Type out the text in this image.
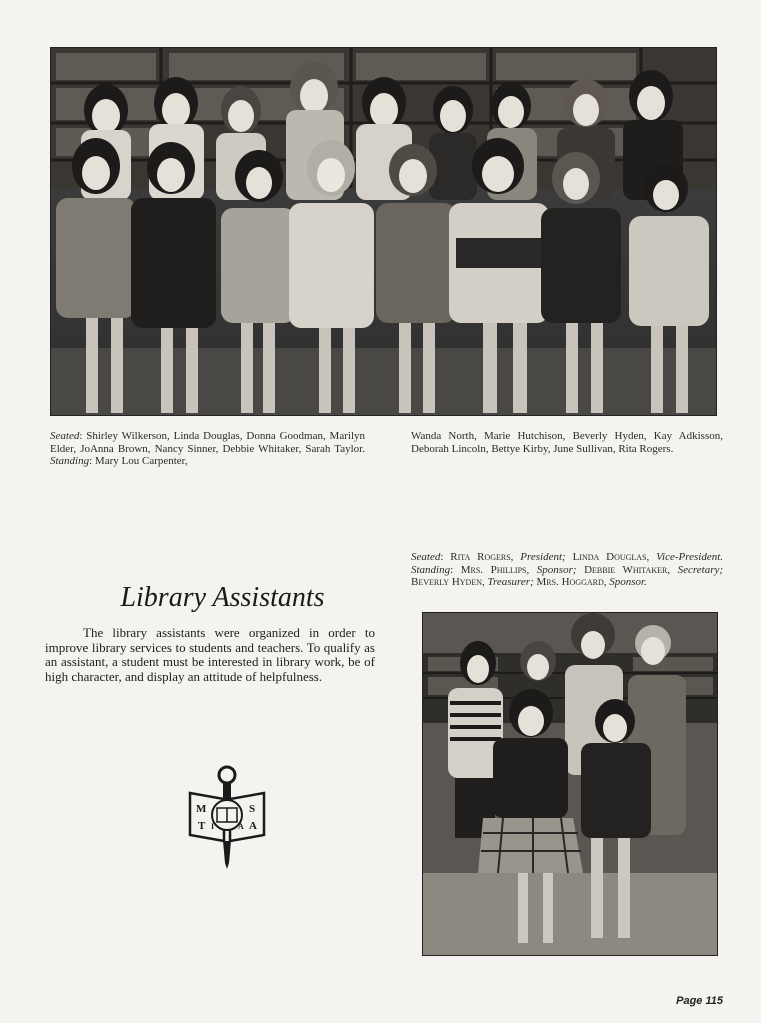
Seated: Shirley Wilkerson, Linda Douglas, Donna Goodman, Marilyn Elder, JoAnna Brown, Nancy Sinner, Debbie Whitaker, Sarah Taylor. Standing: Mary Lou Carpenter,
Wanda North, Marie Hutchison, Beverly Hyden, Kay Adkisson, Deborah Lincoln, Bettye Kirby, June Sullivan, Rita Rogers.
Seated: Rita Rogers, President; Linda Douglas, Vice-President. Standing: Mrs. Phillips, Sponsor; Debbie Whitaker, Secretary; Beverly Hyden, Treasurer; Mrs. Hoggard, Sponsor.
Library Assistants
The library assistants were organized in order to improve library services to students and teachers. To qualify as an assistant, a student must be interested in library work, be of high character, and display an attitude of helpfulness.
M
T
S
A
I	A
Page 115
